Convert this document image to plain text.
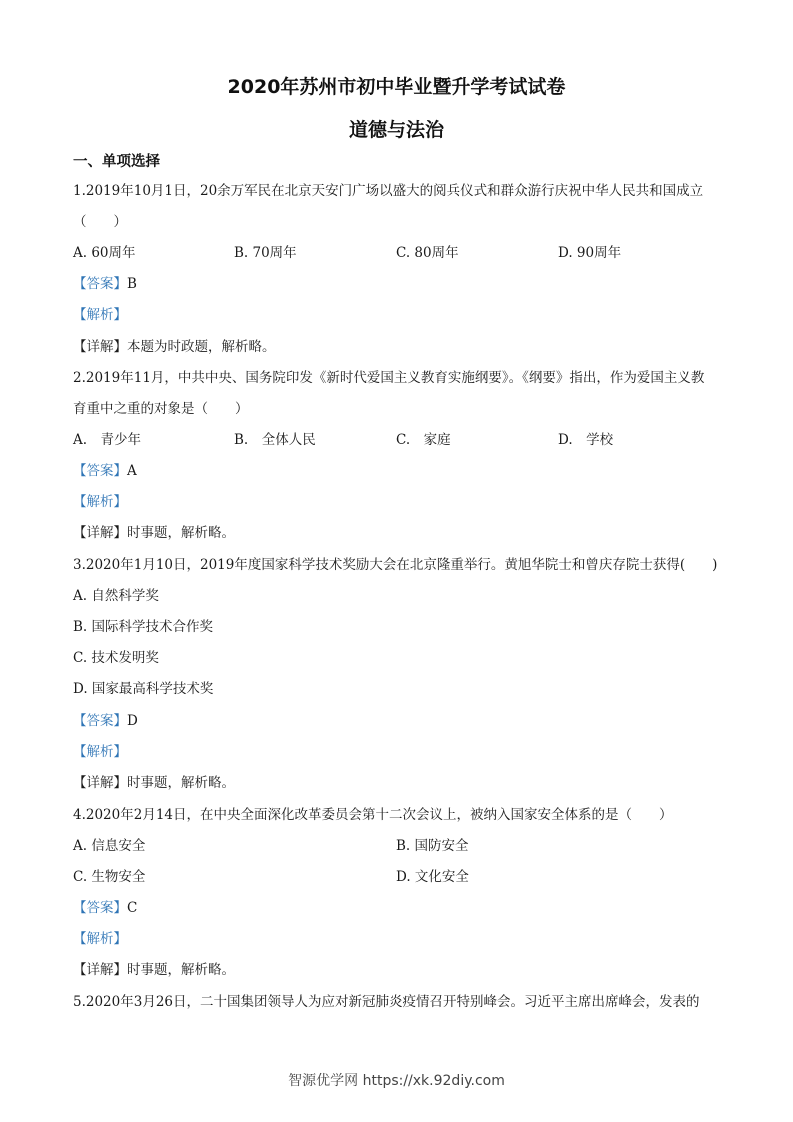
2020年苏州市初中毕业暨升学考试试卷
道德与法治
一、单项选择
1.2019年10月1日，20余万军民在北京天安门广场以盛大的阅兵仪式和群众游行庆祝中华人民共和国成立
（　　）
A. 60周年	B. 70周年	C. 80周年	D. 90周年
【答案】B
【解析】
【详解】本题为时政题，解析略。
2.2019年11月，中共中央、国务院印发《新时代爱国主义教育实施纲要》。《纲要》指出，作为爱国主义教
育重中之重的对象是（　　）
A.　青少年	B.　全体人民	C.　家庭	D.　学校
【答案】A
【解析】
【详解】时事题，解析略。
3.2020年1月10日，2019年度国家科学技术奖励大会在北京隆重举行。黄旭华院士和曾庆存院士获得(　　)
A. 自然科学奖
B. 国际科学技术合作奖
C. 技术发明奖
D. 国家最高科学技术奖
【答案】D
【解析】
【详解】时事题，解析略。
4.2020年2月14日，在中央全面深化改革委员会第十二次会议上，被纳入国家安全体系的是（　　）
A. 信息安全	B. 国防安全
C. 生物安全	D. 文化安全
【答案】C
【解析】
【详解】时事题，解析略。
5.2020年3月26日，二十国集团领导人为应对新冠肺炎疫情召开特别峰会。习近平主席出席峰会，发表的
智源优学网 https://xk.92diy.com
